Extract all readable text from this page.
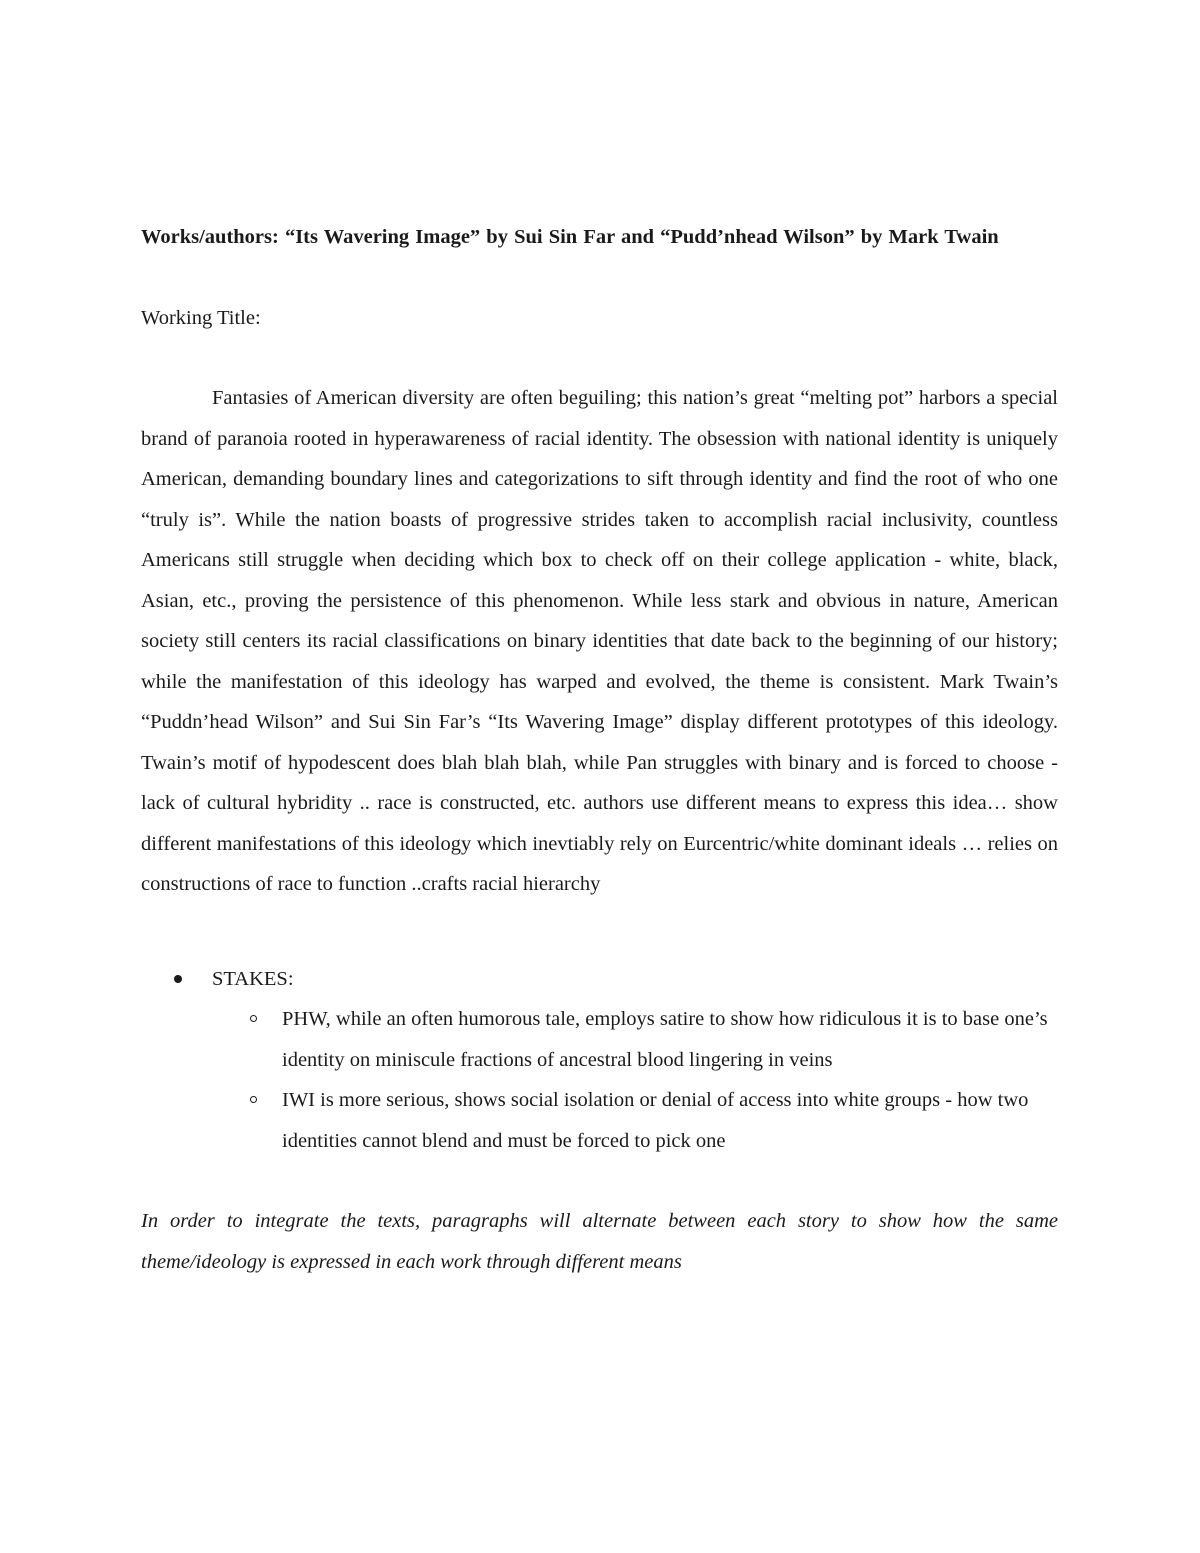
Works/authors: “Its Wavering Image” by Sui Sin Far and “Pudd’nhead Wilson” by Mark Twain

Working Title:

Fantasies of American diversity are often beguiling; this nation’s great “melting pot” harbors a special brand of paranoia rooted in hyperawareness of racial identity. The obsession with national identity is uniquely American, demanding boundary lines and categorizations to sift through identity and find the root of who one “truly is”. While the nation boasts of progressive strides taken to accomplish racial inclusivity, countless Americans still struggle when deciding which box to check off on their college application - white, black, Asian, etc., proving the persistence of this phenomenon. While less stark and obvious in nature, American society still centers its racial classifications on binary identities that date back to the beginning of our history; while the manifestation of this ideology has warped and evolved, the theme is consistent. Mark Twain’s “Puddn’head Wilson” and Sui Sin Far’s “Its Wavering Image” display different prototypes of this ideology. Twain’s motif of hypodescent does blah blah blah, while Pan struggles with binary and is forced to choose - lack of cultural hybridity .. race is constructed, etc. authors use different means to express this idea… show different manifestations of this ideology which inevtiably rely on Eurcentric/white dominant ideals … relies on constructions of race to function ..crafts racial hierarchy

STAKES:
PHW, while an often humorous tale, employs satire to show how ridiculous it is to base one’s identity on miniscule fractions of ancestral blood lingering in veins
IWI is more serious, shows social isolation or denial of access into white groups - how two identities cannot blend and must be forced to pick one

In order to integrate the texts, paragraphs will alternate between each story to show how the same theme/ideology is expressed in each work through different means
